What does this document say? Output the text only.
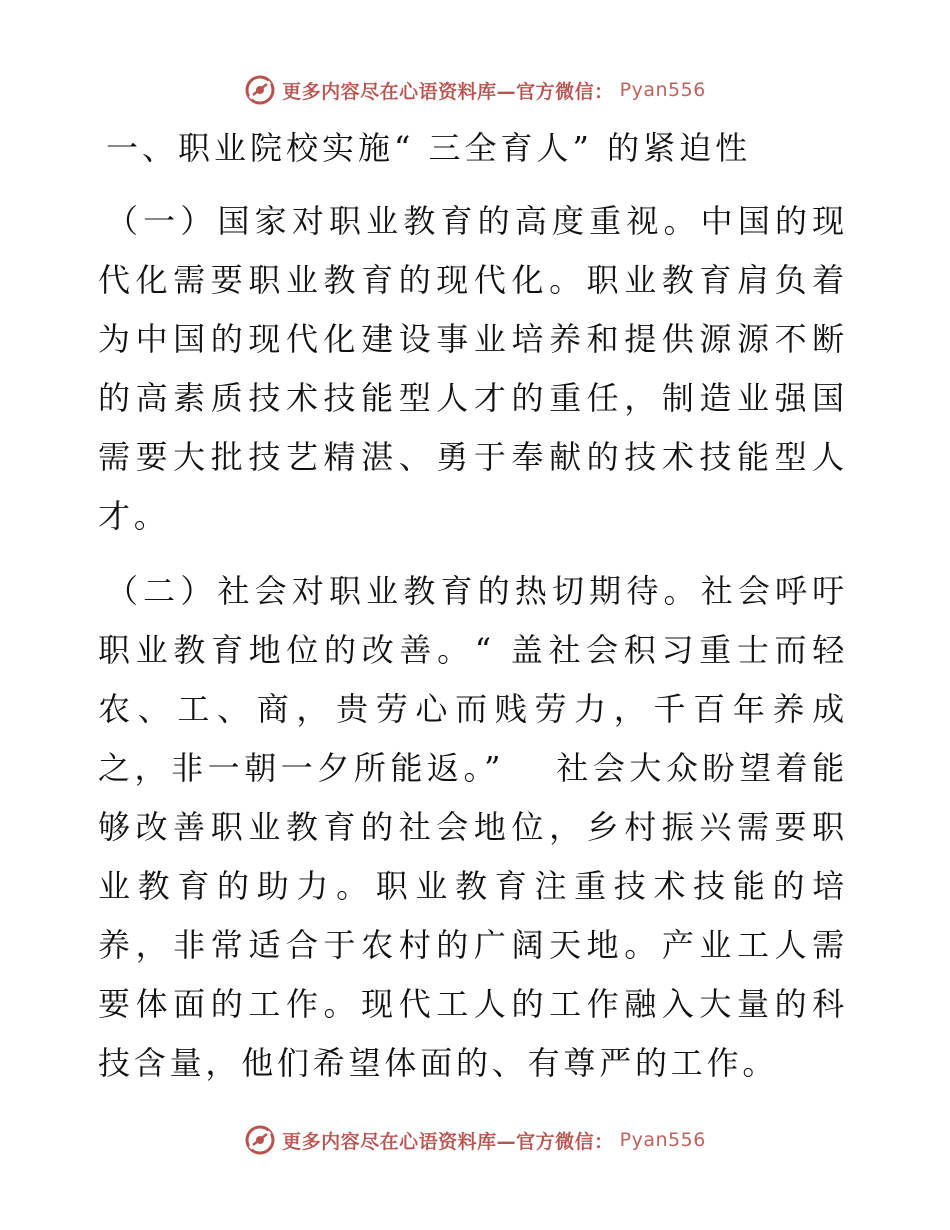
更多内容尽在心语资料库—官方微信： Pyan556
一、职业院校实施“ 三全育人” 的紧迫性

（一）国家对职业教育的高度重视。中国的现代化需要职业教育的现代化。职业教育肩负着为中国的现代化建设事业培养和提供源源不断的高素质技术技能型人才的重任，制造业强国需要大批技艺精湛、勇于奉献的技术技能型人才。

（二）社会对职业教育的热切期待。社会呼吁职业教育地位的改善。“ 盖社会积习重士而轻农、工、商，贵劳心而贱劳力，千百年养成之，非一朝一夕所能返。”　 社会大众盼望着能够改善职业教育的社会地位，乡村振兴需要职业教育的助力。职业教育注重技术技能的培养，非常适合于农村的广阔天地。产业工人需要体面的工作。现代工人的工作融入大量的科技含量，他们希望体面的、有尊严的工作。

更多内容尽在心语资料库—官方微信： Pyan556
